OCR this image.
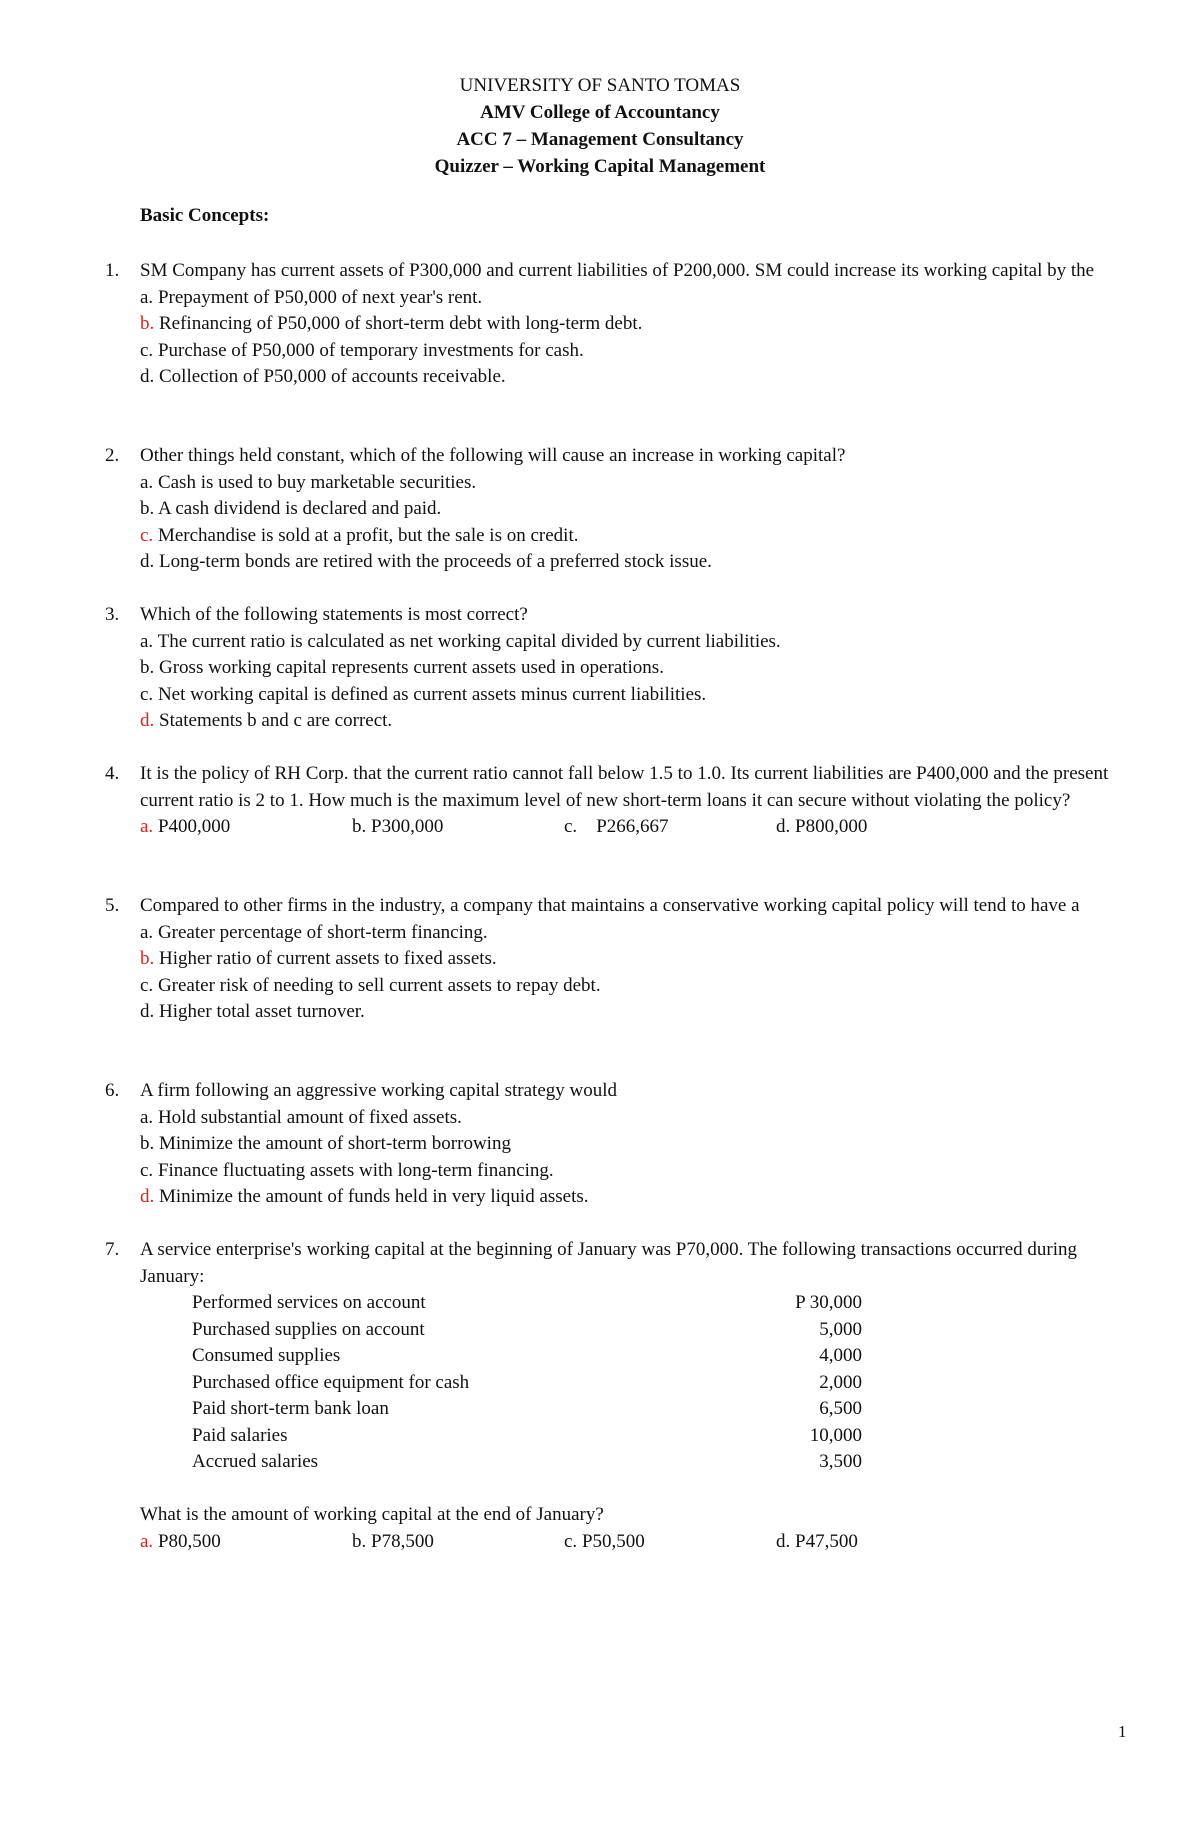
UNIVERSITY OF SANTO TOMAS
AMV College of Accountancy
ACC 7 – Management Consultancy
Quizzer – Working Capital Management
Basic Concepts:
1.	SM Company has current assets of P300,000 and current liabilities of P200,000. SM could increase its working capital by the
a. Prepayment of P50,000 of next year's rent.
b. Refinancing of P50,000 of short-term debt with long-term debt.
c. Purchase of P50,000 of temporary investments for cash.
d. Collection of P50,000 of accounts receivable.
2.	Other things held constant, which of the following will cause an increase in working capital?
a. Cash is used to buy marketable securities.
b. A cash dividend is declared and paid.
c. Merchandise is sold at a profit, but the sale is on credit.
d. Long-term bonds are retired with the proceeds of a preferred stock issue.
3.	Which of the following statements is most correct?
a. The current ratio is calculated as net working capital divided by current liabilities.
b. Gross working capital represents current assets used in operations.
c. Net working capital is defined as current assets minus current liabilities.
d. Statements b and c are correct.
4.	It is the policy of RH Corp. that the current ratio cannot fall below 1.5 to 1.0. Its current liabilities are P400,000 and the present current ratio is 2 to 1. How much is the maximum level of new short-term loans it can secure without violating the policy?
a. P400,000	b. P300,000	c.    P266,667	d. P800,000
5.	Compared to other firms in the industry, a company that maintains a conservative working capital policy will tend to have a
a. Greater percentage of short-term financing.
b. Higher ratio of current assets to fixed assets.
c. Greater risk of needing to sell current assets to repay debt.
d. Higher total asset turnover.
6.	A firm following an aggressive working capital strategy would
a. Hold substantial amount of fixed assets.
b. Minimize the amount of short-term borrowing
c. Finance fluctuating assets with long-term financing.
d. Minimize the amount of funds held in very liquid assets.
7.	A service enterprise's working capital at the beginning of January was P70,000. The following transactions occurred during January:
Performed services on account	P 30,000
Purchased supplies on account	5,000
Consumed supplies	4,000
Purchased office equipment for cash	2,000
Paid short-term bank loan	6,500
Paid salaries	10,000
Accrued salaries	3,500
What is the amount of working capital at the end of January?
a. P80,500	b. P78,500	c. P50,500	d. P47,500
1
